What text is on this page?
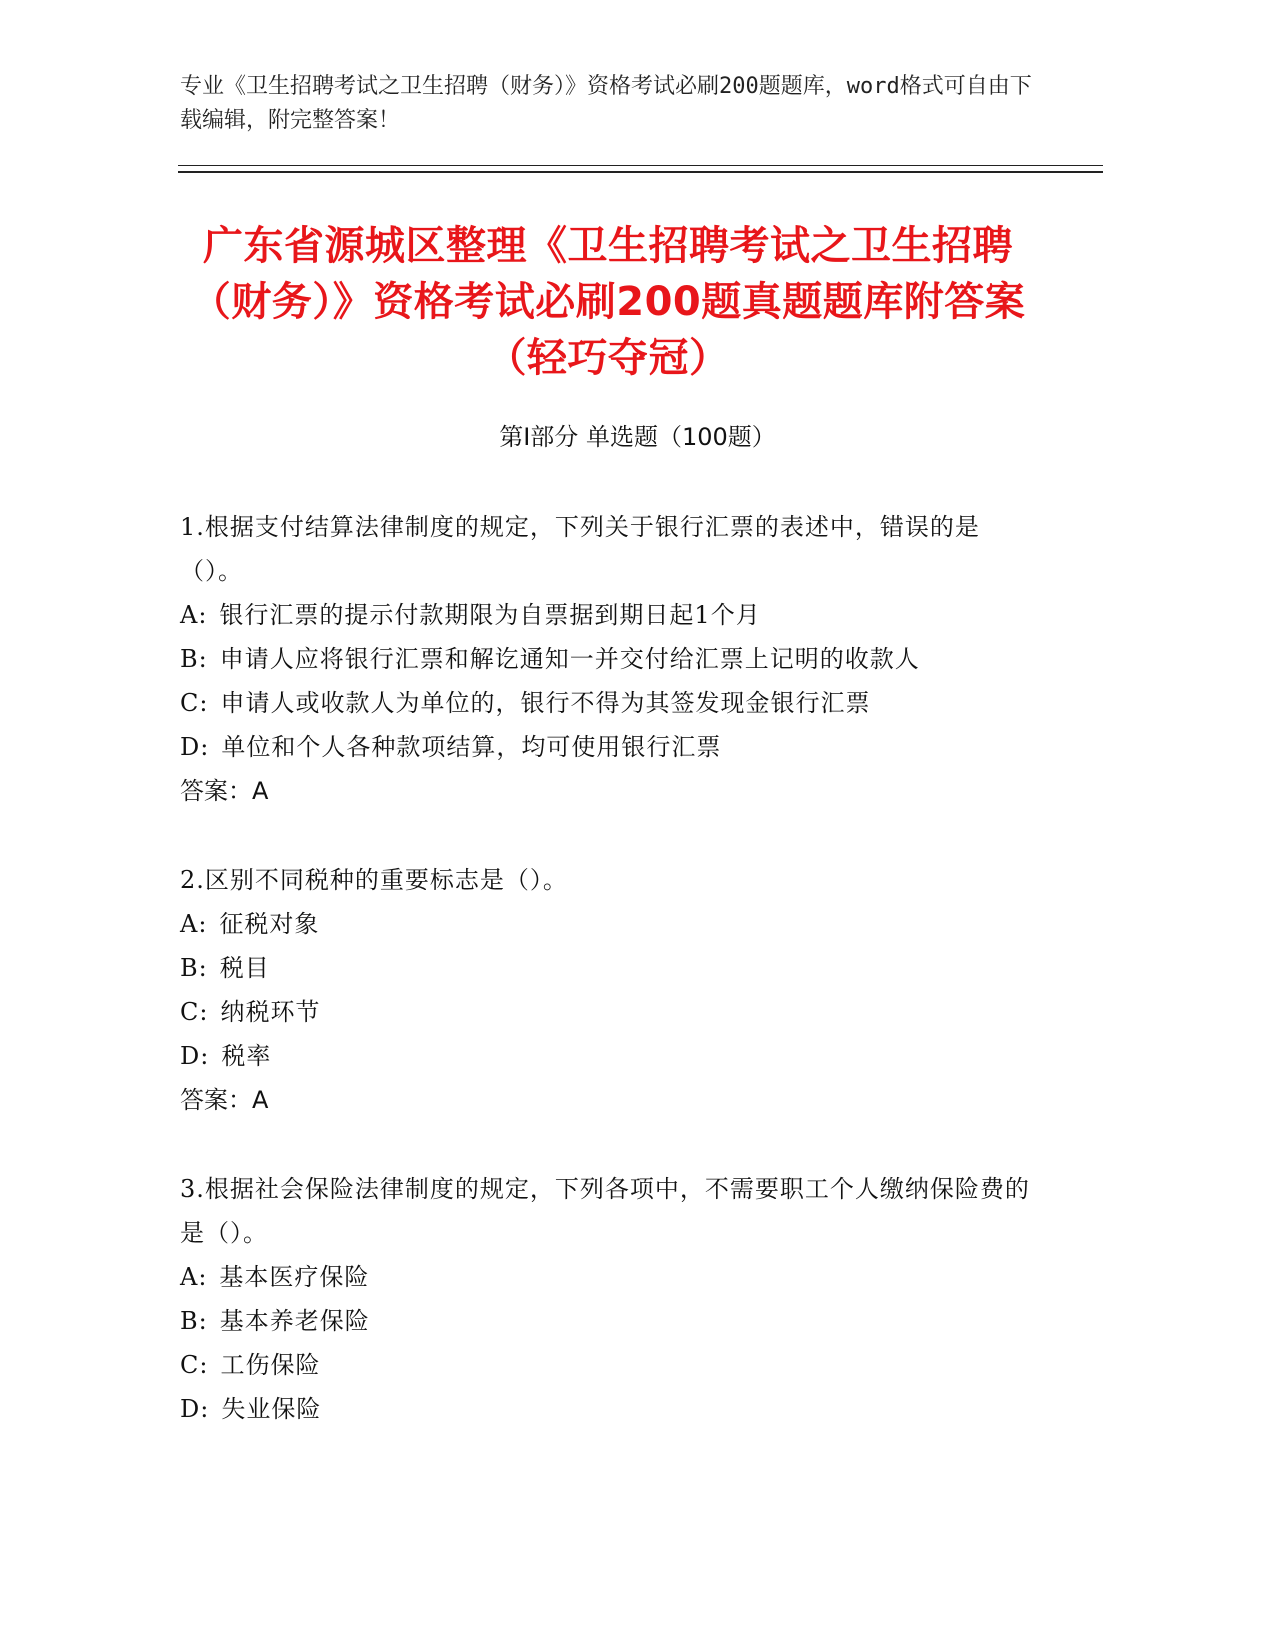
专业《卫生招聘考试之卫生招聘（财务）》资格考试必刷200题题库，word格式可自由下载编辑，附完整答案！
广东省源城区整理《卫生招聘考试之卫生招聘（财务）》资格考试必刷200题真题题库附答案（轻巧夺冠）
第Ⅰ部分 单选题（100题）
1.根据支付结算法律制度的规定，下列关于银行汇票的表述中，错误的是（）。
A: 银行汇票的提示付款期限为自票据到期日起1个月
B: 申请人应将银行汇票和解讫通知一并交付给汇票上记明的收款人
C: 申请人或收款人为单位的，银行不得为其签发现金银行汇票
D: 单位和个人各种款项结算，均可使用银行汇票
答案：A
2.区别不同税种的重要标志是（）。
A: 征税对象
B: 税目
C: 纳税环节
D: 税率
答案：A
3.根据社会保险法律制度的规定，下列各项中，不需要职工个人缴纳保险费的是（）。
A: 基本医疗保险
B: 基本养老保险
C: 工伤保险
D: 失业保险
